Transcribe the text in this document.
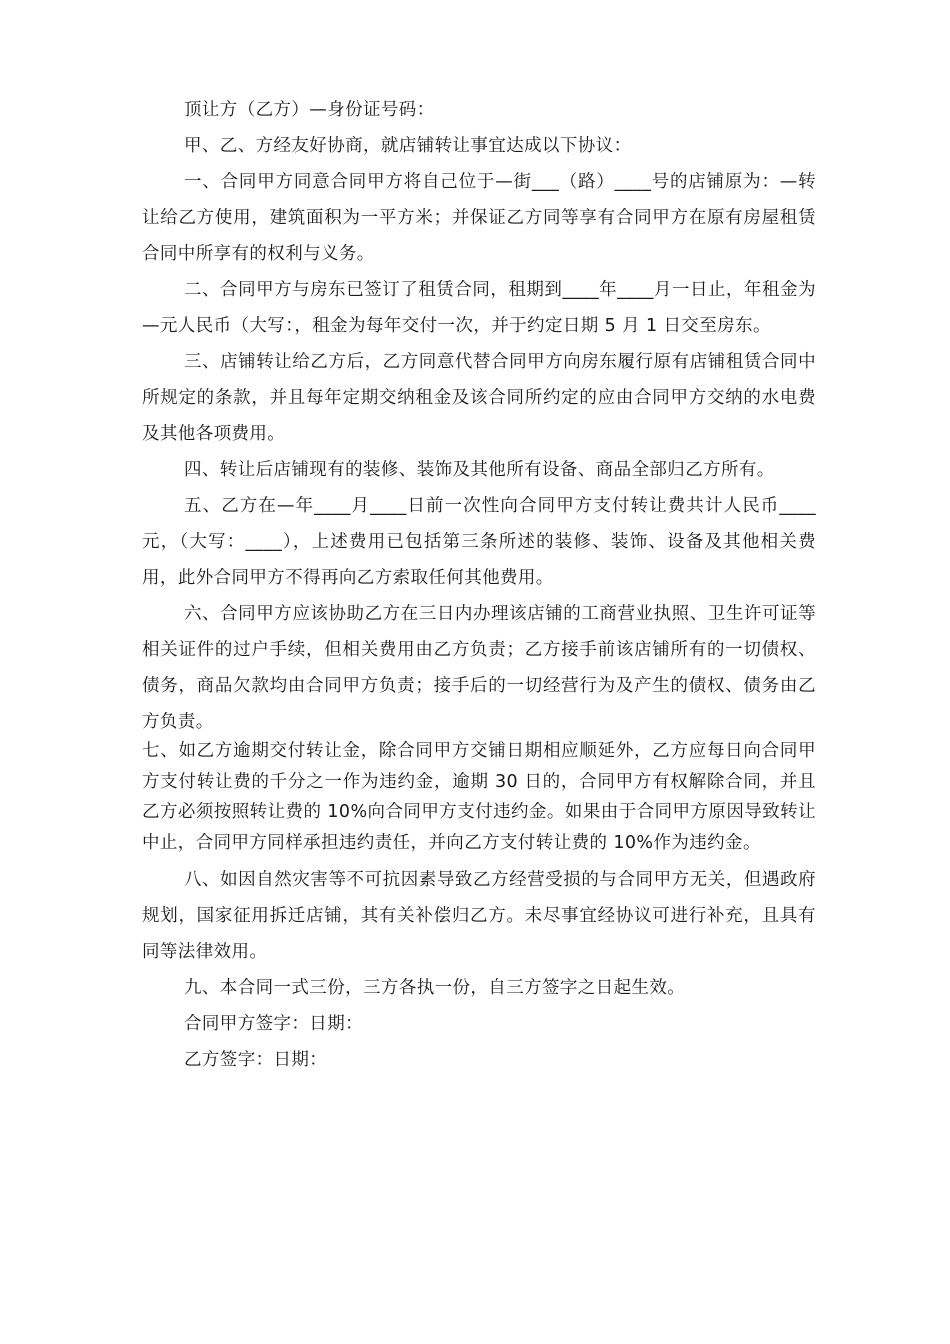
顶让方（乙方）—身份证号码：

甲、乙、方经友好协商，就店铺转让事宜达成以下协议：

一、合同甲方同意合同甲方将自己位于—街___（路）____号的店铺原为：—转让给乙方使用，建筑面积为一平方米；并保证乙方同等享有合同甲方在原有房屋租赁合同中所享有的权利与义务。

二、合同甲方与房东已签订了租赁合同，租期到____年____月一日止，年租金为—元人民币（大写：，租金为每年交付一次，并于约定日期 5 月 1 日交至房东。

三、店铺转让给乙方后，乙方同意代替合同甲方向房东履行原有店铺租赁合同中所规定的条款，并且每年定期交纳租金及该合同所约定的应由合同甲方交纳的水电费及其他各项费用。

四、转让后店铺现有的装修、装饰及其他所有设备、商品全部归乙方所有。

五、乙方在—年____月____日前一次性向合同甲方支付转让费共计人民币____元，（大写：____），上述费用已包括第三条所述的装修、装饰、设备及其他相关费用，此外合同甲方不得再向乙方索取任何其他费用。

六、合同甲方应该协助乙方在三日内办理该店铺的工商营业执照、卫生许可证等相关证件的过户手续，但相关费用由乙方负责；乙方接手前该店铺所有的一切债权、债务，商品欠款均由合同甲方负责；接手后的一切经营行为及产生的债权、债务由乙方负责。

七、如乙方逾期交付转让金，除合同甲方交铺日期相应顺延外，乙方应每日向合同甲方支付转让费的千分之一作为违约金，逾期 30 日的，合同甲方有权解除合同，并且乙方必须按照转让费的 10%向合同甲方支付违约金。如果由于合同甲方原因导致转让中止，合同甲方同样承担违约责任，并向乙方支付转让费的 10%作为违约金。

八、如因自然灾害等不可抗因素导致乙方经营受损的与合同甲方无关，但遇政府规划，国家征用拆迁店铺，其有关补偿归乙方。未尽事宜经协议可进行补充，且具有同等法律效用。

九、本合同一式三份，三方各执一份，自三方签字之日起生效。

合同甲方签字：日期：

乙方签字：日期：
